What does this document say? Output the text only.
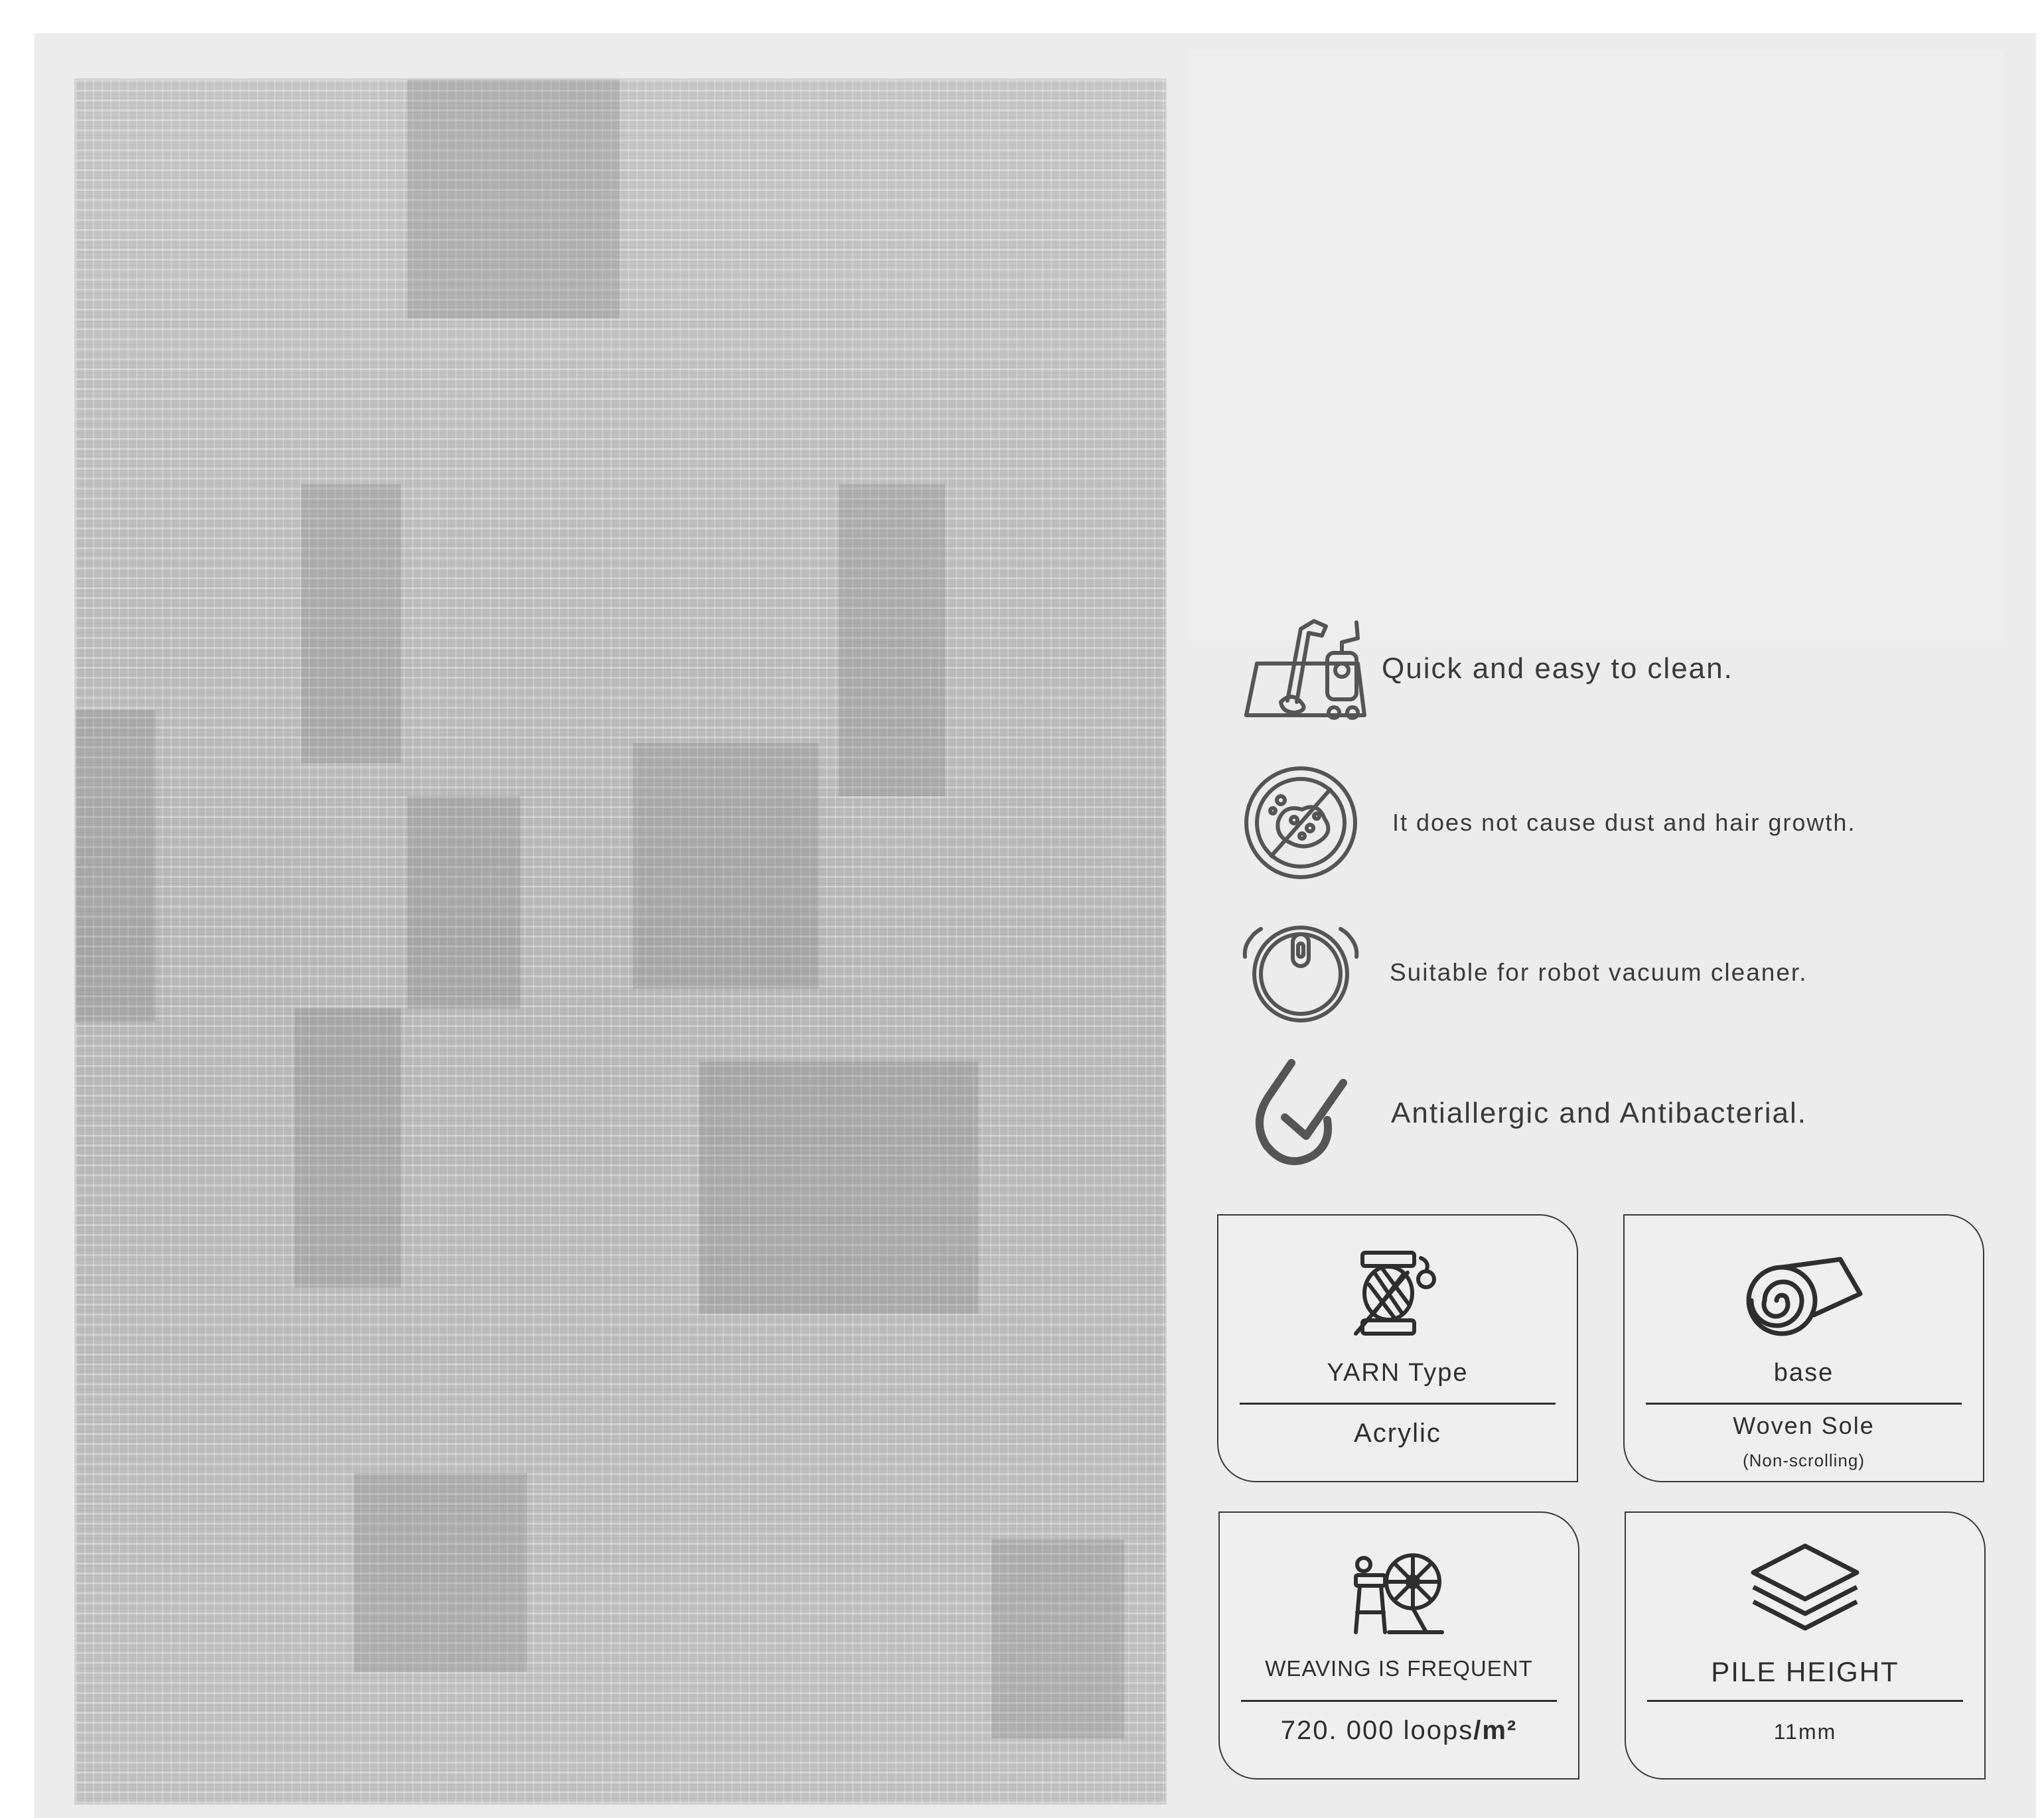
Quick and easy to clean.
It does not cause dust and hair growth.
Suitable for robot vacuum cleaner.
Antiallergic and Antibacterial.
YARN Type
Acrylic
base
Woven Sole
(Non-scrolling)
WEAVING IS FREQUENT
720. 000 loops/m²
PILE HEIGHT
11mm
